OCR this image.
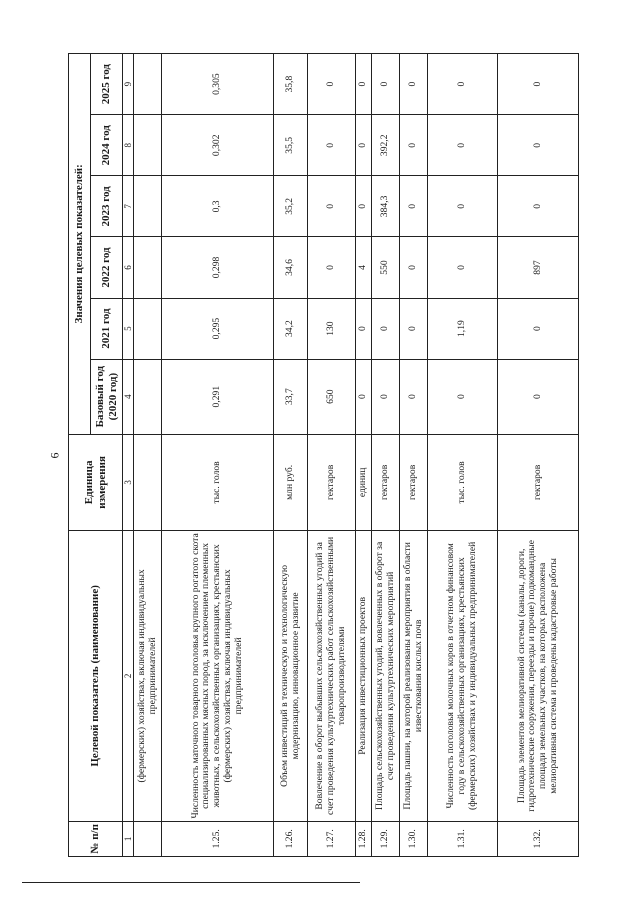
6
№ п/п	Целевой показатель (наименование)	Единица измерения	Значения целевых показателей:					
			Базовый год (2020 год)	2021 год	2022 год	2023 год	2024 год	2025 год
1	2	3	4	5	6	7	8	9
	(фермерских) хозяйствах, включая индивидуальных предпринимателей							
1.25.	Численность маточного товарного поголовья крупного рогатого скота специализированных мясных пород, за исключением племенных животных, в сельскохозяйственных организациях, крестьянских (фермерских) хозяйствах, включая индивидуальных предпринимателей	тыс. голов	0,291	0,295	0,298	0,3	0,302	0,305
1.26.	Объем инвестиций в техническую и технологическую модернизацию, инновационное развитие	млн руб.	33,7	34,2	34,6	35,2	35,5	35,8
1.27.	Вовлечение в оборот выбывших сельскохозяйственных угодий за счет проведения культуртехнических работ сельскохозяйственными товаропроизводителями	гектаров	650	130	0	0	0	0
1.28.	Реализация инвестиционных проектов	единиц	0	0	4	0	0	0
1.29.	Площадь сельскохозяйственных угодий, вовлеченных в оборот за счет проведения культуртехнических мероприятий	гектаров	0	0	550	384,3	392,2	0
1.30.	Площадь пашни, на которой реализованы мероприятия в области известкования кислых почв	гектаров	0	0	0	0	0	0
1.31.	Численность поголовья молочных коров в отчетном финансовом году в сельскохозяйственных организациях, крестьянских (фермерских) хозяйствах и у индивидуальных предпринимателей	тыс. голов	0	1,19	0	0	0	0
1.32.	Площадь элементов мелиоративной системы (каналы, дороги, гидротехнические сооружения, переезды и прочие) подкомандные площади земельных участков, на которых расположена мелиоративная система и проведены кадастровые работы	гектаров	0	0	897	0	0	0
